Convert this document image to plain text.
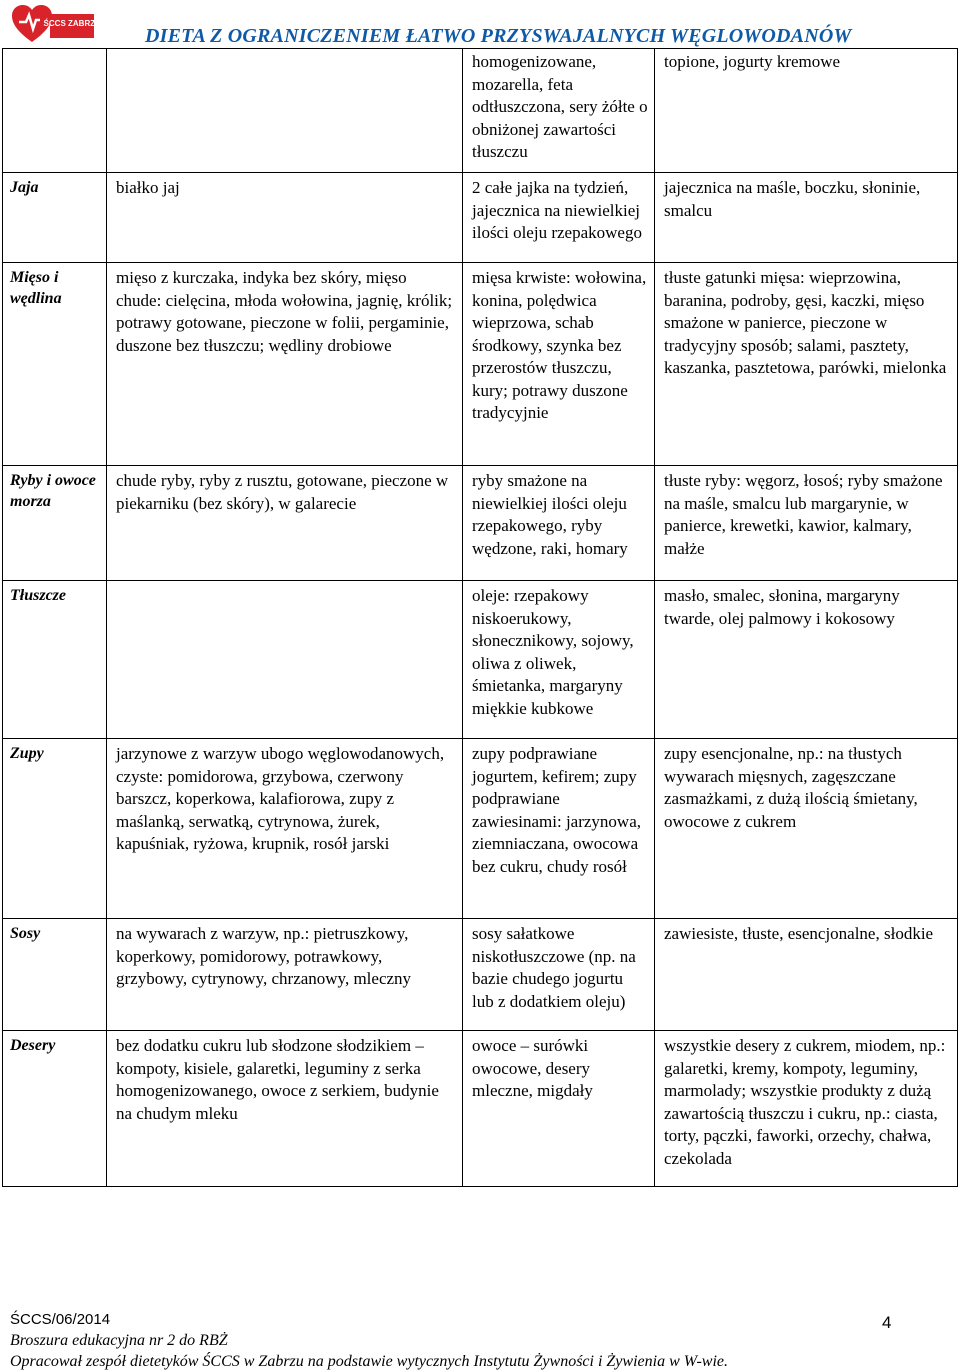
ŚCCS ZABRZE
DIETA Z OGRANICZENIEM ŁATWO PRZYSWAJALNYCH WĘGLOWODANÓW
		homogenizowane, mozarella, feta odtłuszczona, sery żółte o obniżonej zawartości tłuszczu	topione, jogurty kremowe
Jaja	białko jaj	2 całe jajka na tydzień, jajecznica na niewielkiej ilości oleju rzepakowego	jajecznica na maśle, boczku, słoninie, smalcu
Mięso i wędlina	mięso z kurczaka, indyka bez skóry, mięso chude: cielęcina, młoda wołowina, jagnię, królik; potrawy gotowane, pieczone w folii, pergaminie, duszone bez tłuszczu; wędliny drobiowe	mięsa krwiste: wołowina, konina, polędwica wieprzowa, schab środkowy, szynka bez przerostów tłuszczu, kury; potrawy duszone tradycyjnie	tłuste gatunki mięsa: wieprzowina, baranina, podroby, gęsi, kaczki, mięso smażone w panierce, pieczone w tradycyjny sposób; salami, pasztety, kaszanka, pasztetowa, parówki, mielonka
Ryby i owoce morza	chude ryby, ryby z rusztu, gotowane, pieczone w piekarniku (bez skóry), w galarecie	ryby smażone na niewielkiej ilości oleju rzepakowego, ryby wędzone, raki, homary	tłuste ryby: węgorz, łosoś; ryby smażone na maśle, smalcu lub margarynie, w panierce, krewetki, kawior, kalmary, małże
Tłuszcze		oleje: rzepakowy niskoerukowy, słonecznikowy, sojowy, oliwa z oliwek, śmietanka, margaryny miękkie kubkowe	masło, smalec, słonina, margaryny twarde, olej palmowy i kokosowy
Zupy	jarzynowe z warzyw ubogo węglowodanowych, czyste: pomidorowa, grzybowa, czerwony barszcz, koperkowa, kalafiorowa, zupy z maślanką, serwatką, cytrynowa, żurek, kapuśniak, ryżowa, krupnik, rosół jarski	zupy podprawiane jogurtem, kefirem; zupy podprawiane zawiesinami: jarzynowa, ziemniaczana, owocowa bez cukru, chudy rosół	zupy esencjonalne, np.: na tłustych wywarach mięsnych, zagęszczane zasmażkami, z dużą ilością śmietany, owocowe z cukrem
Sosy	na wywarach z warzyw, np.: pietruszkowy, koperkowy, pomidorowy, potrawkowy, grzybowy, cytrynowy, chrzanowy, mleczny	sosy sałatkowe niskotłuszczowe (np. na bazie chudego jogurtu lub z dodatkiem oleju)	zawiesiste, tłuste, esencjonalne, słodkie
Desery	bez dodatku cukru lub słodzone słodzikiem – kompoty, kisiele, galaretki, leguminy z serka homogenizowanego, owoce z serkiem, budynie na chudym mleku	owoce – surówki owocowe, desery mleczne, migdały	wszystkie desery z cukrem, miodem, np.: galaretki, kremy, kompoty, leguminy, marmolady; wszystkie produkty z dużą zawartością tłuszczu i cukru, np.: ciasta, torty, pączki, faworki, orzechy, chałwa, czekolada
ŚCCS/06/2014
Broszura edukacyjna nr 2 do RBŻ
Opracował zespół dietetyków ŚCCS w Zabrzu na podstawie wytycznych Instytutu Żywności i Żywienia w W-wie.
4
